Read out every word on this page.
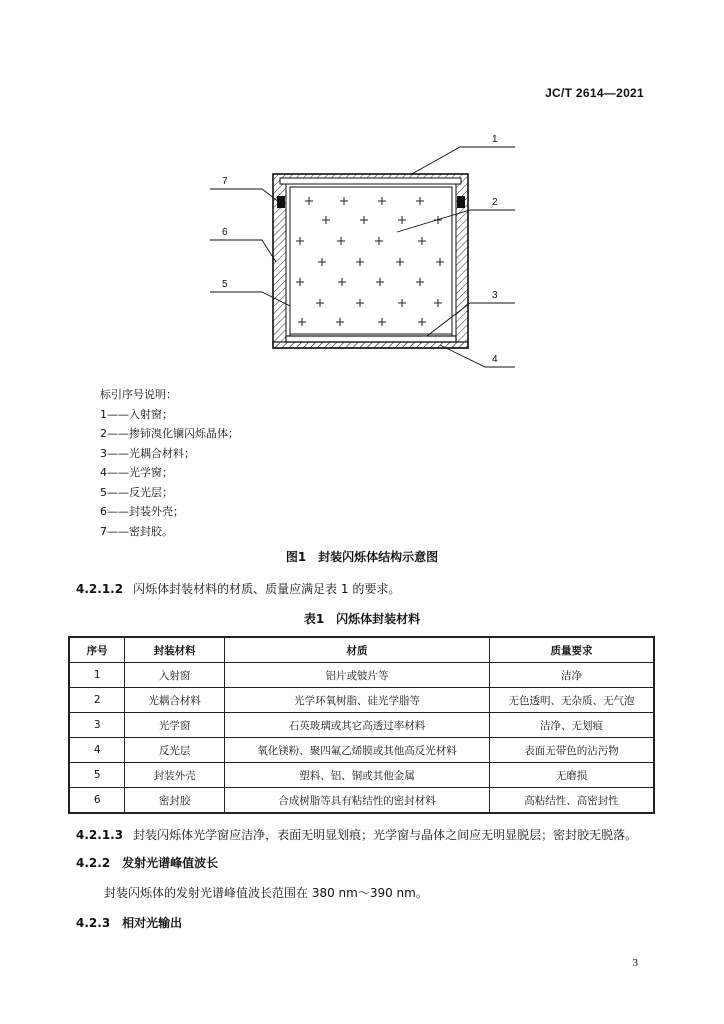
JC/T 2614—2021
1
2
3
4
5
6
7
标引序号说明：
1——入射窗；
2——掺铈溴化镧闪烁晶体；
3——光耦合材料；
4——光学窗；
5——反光层；
6——封装外壳；
7——密封胶。
图1　封装闪烁体结构示意图
4.2.1.2 闪烁体封装材料的材质、质量应满足表 1 的要求。
表1　闪烁体封装材料
序号	封装材料	材质	质量要求
1	入射窗	铝片或铍片等	洁净
2	光耦合材料	光学环氧树脂、硅光学脂等	无色透明、无杂质、无气泡
3	光学窗	石英玻璃或其它高透过率材料	洁净、无划痕
4	反光层	氧化镁粉、聚四氟乙烯膜或其他高反光材料	表面无带色的沾污物
5	封装外壳	塑料、铝、铜或其他金属	无磨损
6	密封胶	合成树脂等具有粘结性的密封材料	高粘结性、高密封性
4.2.1.3 封装闪烁体光学窗应洁净，表面无明显划痕；光学窗与晶体之间应无明显脱层；密封胶无脱落。
4.2.2　发射光谱峰值波长
封装闪烁体的发射光谱峰值波长范围在 380 nm～390 nm。
4.2.3　相对光输出
3
